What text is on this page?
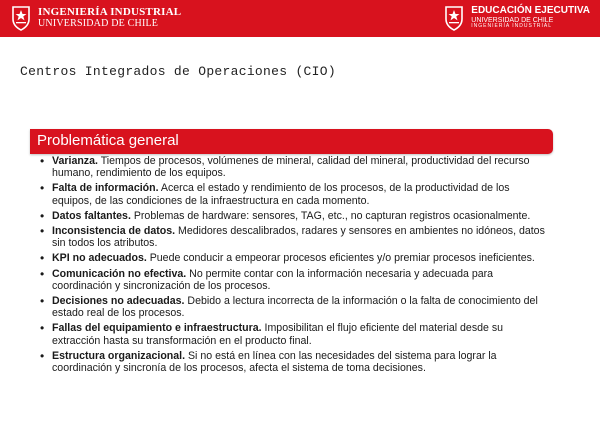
INGENIERÍA INDUSTRIAL
UNIVERSIDAD DE CHILE
EDUCACIÓN EJECUTIVA
UNIVERSIDAD DE CHILE
INGENIERÍA INDUSTRIAL
Centros Integrados de Operaciones (CIO)
Problemática general
• Varianza. Tiempos de procesos, volúmenes de mineral, calidad del mineral, productividad del recurso humano, rendimiento de los equipos.
• Falta de información. Acerca el estado y rendimiento de los procesos, de la productividad de los equipos, de las condiciones de la infraestructura en cada momento.
• Datos faltantes. Problemas de hardware: sensores, TAG, etc., no capturan registros ocasionalmente.
• Inconsistencia de datos. Medidores descalibrados, radares y sensores en ambientes no idóneos, datos sin todos los atributos.
• KPI no adecuados. Puede conducir a empeorar procesos eficientes y/o premiar procesos ineficientes.
• Comunicación no efectiva. No permite contar con la información necesaria y adecuada para coordinación y sincronización de los procesos.
• Decisiones no adecuadas. Debido a lectura incorrecta de la información o la falta de conocimiento del estado real de los procesos.
• Fallas del equipamiento e infraestructura. Imposibilitan el flujo eficiente del material desde su extracción hasta su transformación en el producto final.
• Estructura organizacional. Si no está en línea con las necesidades del sistema para lograr la coordinación y sincronía de los procesos, afecta el sistema de toma decisiones.
